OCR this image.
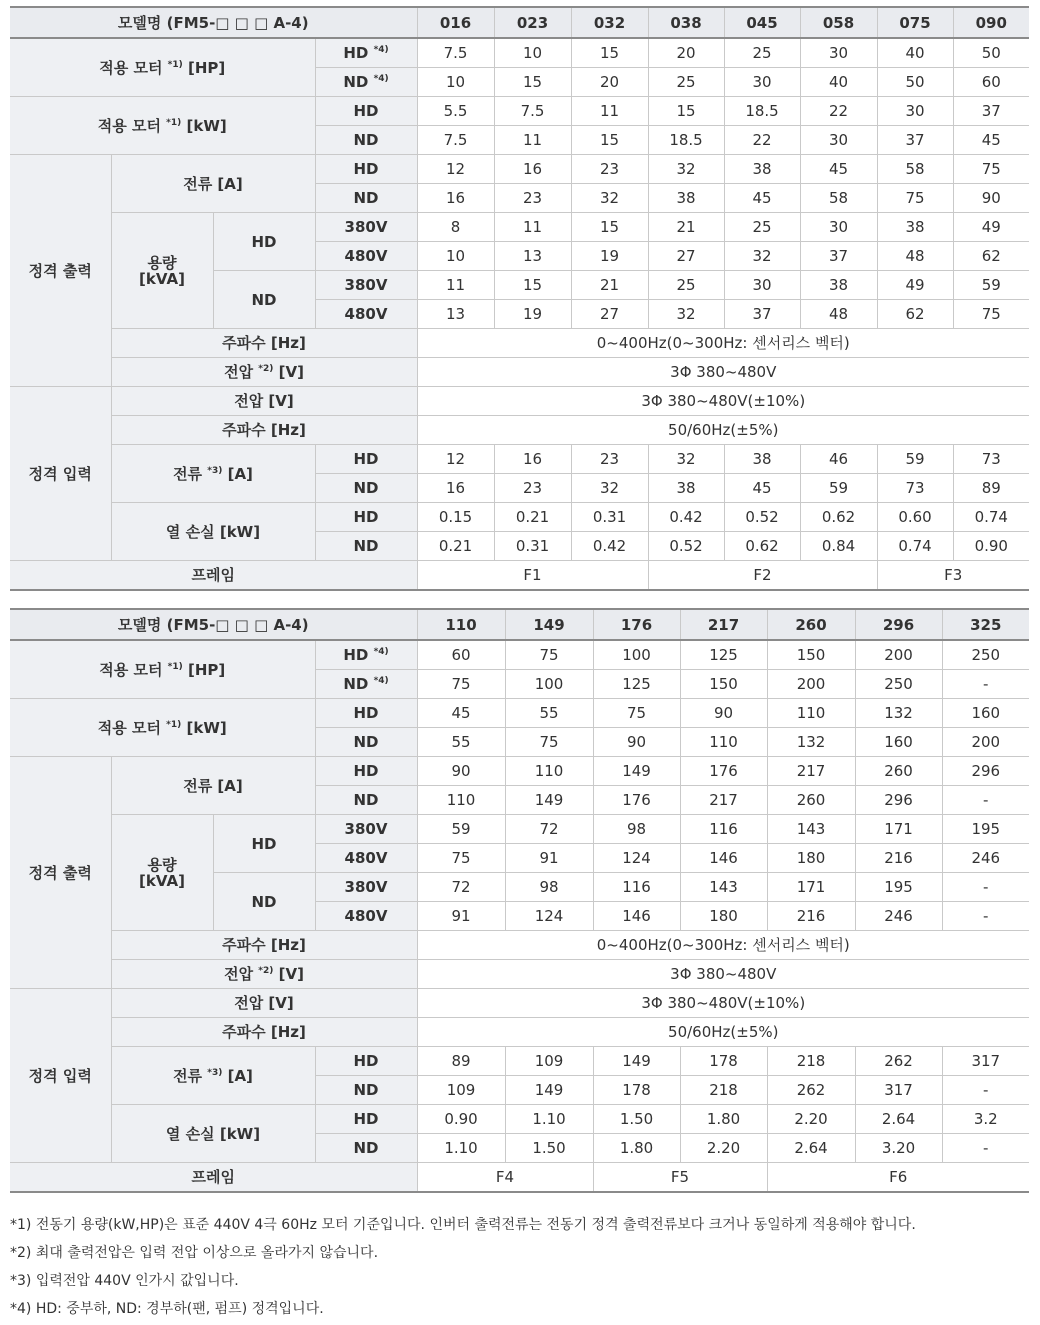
모델명 (FM5-□ □ □ A-4)				016	023	032	038	045	058	075	090
적용 모터 $^{*1)}$ [HP]			HD $^{*4)}$	7.5	10	15	20	25	30	40	50
			ND $^{*4)}$	10	15	20	25	30	40	50	60
적용 모터 $^{*1)}$ [kW]			HD	5.5	7.5	11	15	18.5	22	30	37
			ND	7.5	11	15	18.5	22	30	37	45
정격 출력	전류 [A]		HD	12	16	23	32	38	45	58	75
			ND	16	23	32	38	45	58	75	90
	용량
[kVA]	HD	380V	8	11	15	21	25	30	38	49
			480V	10	13	19	27	32	37	48	62
		ND	380V	11	15	21	25	30	38	49	59
			480V	13	19	27	32	37	48	62	75
	주파수 [Hz]			0~400Hz(0~300Hz: 센서리스 벡터)							
	전압 $^{*2)}$ [V]			3Φ 380~480V							
정격 입력	전압 [V]			3Φ 380~480V(±10%)							
	주파수 [Hz]			50/60Hz(±5%)							
	전류 $^{*3)}$ [A]		HD	12	16	23	32	38	46	59	73
			ND	16	23	32	38	45	59	73	89
	열 손실 [kW]		HD	0.15	0.21	0.31	0.42	0.52	0.62	0.60	0.74
			ND	0.21	0.31	0.42	0.52	0.62	0.84	0.74	0.90
프레임				F1			F2			F3	
모델명 (FM5-□ □ □ A-4)				110	149	176	217	260	296	325
적용 모터 $^{*1)}$ [HP]			HD $^{*4)}$	60	75	100	125	150	200	250
			ND $^{*4)}$	75	100	125	150	200	250	-
적용 모터 $^{*1)}$ [kW]			HD	45	55	75	90	110	132	160
			ND	55	75	90	110	132	160	200
정격 출력	전류 [A]		HD	90	110	149	176	217	260	296
			ND	110	149	176	217	260	296	-
	용량
[kVA]	HD	380V	59	72	98	116	143	171	195
			480V	75	91	124	146	180	216	246
		ND	380V	72	98	116	143	171	195	-
			480V	91	124	146	180	216	246	-
	주파수 [Hz]			0~400Hz(0~300Hz: 센서리스 벡터)						
	전압 $^{*2)}$ [V]			3Φ 380~480V						
정격 입력	전압 [V]			3Φ 380~480V(±10%)						
	주파수 [Hz]			50/60Hz(±5%)						
	전류 $^{*3)}$ [A]		HD	89	109	149	178	218	262	317
			ND	109	149	178	218	262	317	-
	열 손실 [kW]		HD	0.90	1.10	1.50	1.80	2.20	2.64	3.2
			ND	1.10	1.50	1.80	2.20	2.64	3.20	-
프레임				F4		F5		F6		
*1) 전동기 용량(kW,HP)은 표준 440V 4극 60Hz 모터 기준입니다. 인버터 출력전류는 전동기 정격 출력전류보다 크거나 동일하게 적용해야 합니다.
*2) 최대 출력전압은 입력 전압 이상으로 올라가지 않습니다.
*3) 입력전압 440V 인가시 값입니다.
*4) HD: 중부하, ND: 경부하(팬, 펌프) 정격입니다.
